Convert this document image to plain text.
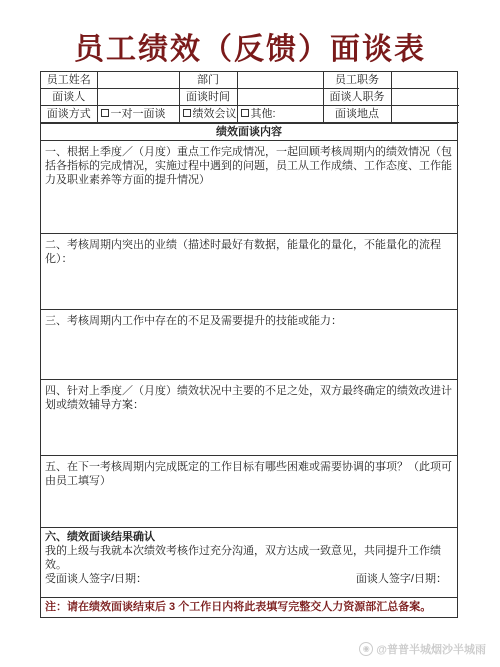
员工绩效（反馈）面谈表
员工姓名		部门		员工职务	
面谈人		面谈时间		面谈人职务	
面谈方式	一对一面谈	绩效会议	其他:	面谈地点	
绩效面谈内容
一、根据上季度／（月度）重点工作完成情况，一起回顾考核周期内的绩效情况（包括各指标的完成情况，实施过程中遇到的问题，员工从工作成绩、工作态度、工作能力及职业素养等方面的提升情况）
二、考核周期内突出的业绩（描述时最好有数据，能量化的量化，不能量化的流程化）：
三、考核周期内工作中存在的不足及需要提升的技能或能力：
四、针对上季度／（月度）绩效状况中主要的不足之处，双方最终确定的绩效改进计划或绩效辅导方案：
五、在下一考核周期内完成既定的工作目标有哪些困难或需要协调的事项？（此项可由员工填写）
六、绩效面谈结果确认
我的上级与我就本次绩效考核作过充分沟通，双方达成一致意见，共同提升工作绩效。
受面谈人签字/日期：	面谈人签字/日期：
注：请在绩效面谈结束后 3 个工作日内将此表填写完整交人力资源部汇总备案。
◉ @普普半城烟沙半城雨
